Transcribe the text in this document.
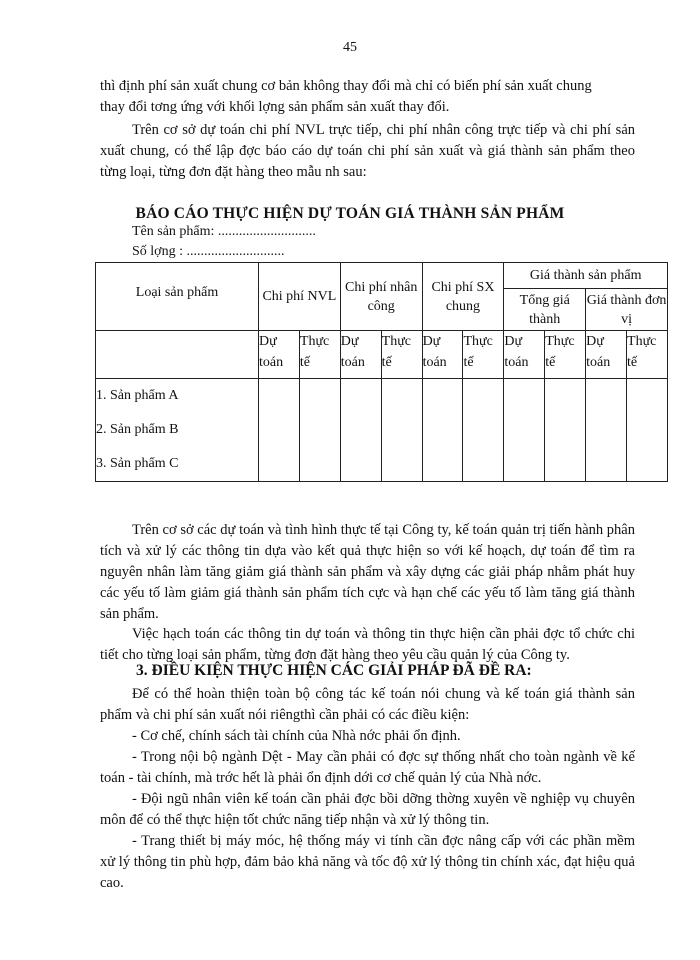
45
thì định phí sản xuất chung cơ bản không thay đổi mà chỉ có biến phí sản xuất chung
thay đổi tơng ứng với khối lợng sản phẩm sản xuất thay đổi.
Trên cơ sở dự toán chi phí NVL trực tiếp, chi phí nhân công trực tiếp và chi phí sản xuất chung, có thể lập đợc báo cáo dự toán chi phí sản xuất và giá thành sản phẩm theo từng loại, từng đơn đặt hàng theo mẫu nh sau:
BÁO CÁO THỰC HIỆN DỰ TOÁN GIÁ THÀNH SẢN PHẨM
Tên sản phẩm: ............................
Số lợng : ............................
Loại sản phẩm	Chi phí NVL		Chi phí nhân công		Chi phí SX chung		Giá thành sản phẩm			
							Tổng giá thành		Giá thành đơn vị	
	Dự toán	Thực tế	Dự toán	Thực tế	Dự toán	Thực tế	Dự toán	Thực tế	Dự toán	Thực tế

1. Sản phẩm A
2. Sản phẩm B
3. Sản phẩm C										

Trên cơ sở các dự toán và tình hình thực tế tại Công ty, kế toán quản trị tiến hành phân tích và xử lý các thông tin dựa vào kết quả thực hiện so với kế hoạch, dự toán để tìm ra nguyên nhân làm tăng giảm giá thành sản phẩm và xây dựng các giải pháp nhằm phát huy các yếu tố làm giảm giá thành sản phẩm tích cực và hạn chế các yếu tố làm tăng giá thành sản phẩm.
Việc hạch toán các thông tin dự toán và thông tin thực hiện cần phải đợc tổ chức chi tiết cho từng loại sản phẩm, từng đơn đặt hàng theo yêu cầu quản lý của Công ty.
3. ĐIỀU KIỆN THỰC HIỆN CÁC GIẢI PHÁP ĐÃ ĐỀ RA:
Để có thể hoàn thiện toàn bộ công tác kế toán nói chung và kế toán giá thành sản phẩm và chi phí sản xuất nói riêngthì cần phải có các điều kiện:
- Cơ chế, chính sách tài chính của Nhà nớc phải ổn định.
- Trong nội bộ ngành Dệt - May cần phải có đợc sự thống nhất cho toàn ngành về kế toán - tài chính, mà trớc hết là phải ổn định dới cơ chế quản lý của Nhà nớc.
- Đội ngũ nhân viên kế toán cần phải đợc bồi dỡng thờng xuyên về nghiệp vụ chuyên môn để có thể thực hiện tốt chức năng tiếp nhận và xử lý thông tin.
- Trang thiết bị máy móc, hệ thống máy vi tính cần đợc nâng cấp với các phần mềm xử lý thông tin phù hợp, đảm bảo khả năng và tốc độ xử lý thông tin chính xác, đạt hiệu quả cao.
